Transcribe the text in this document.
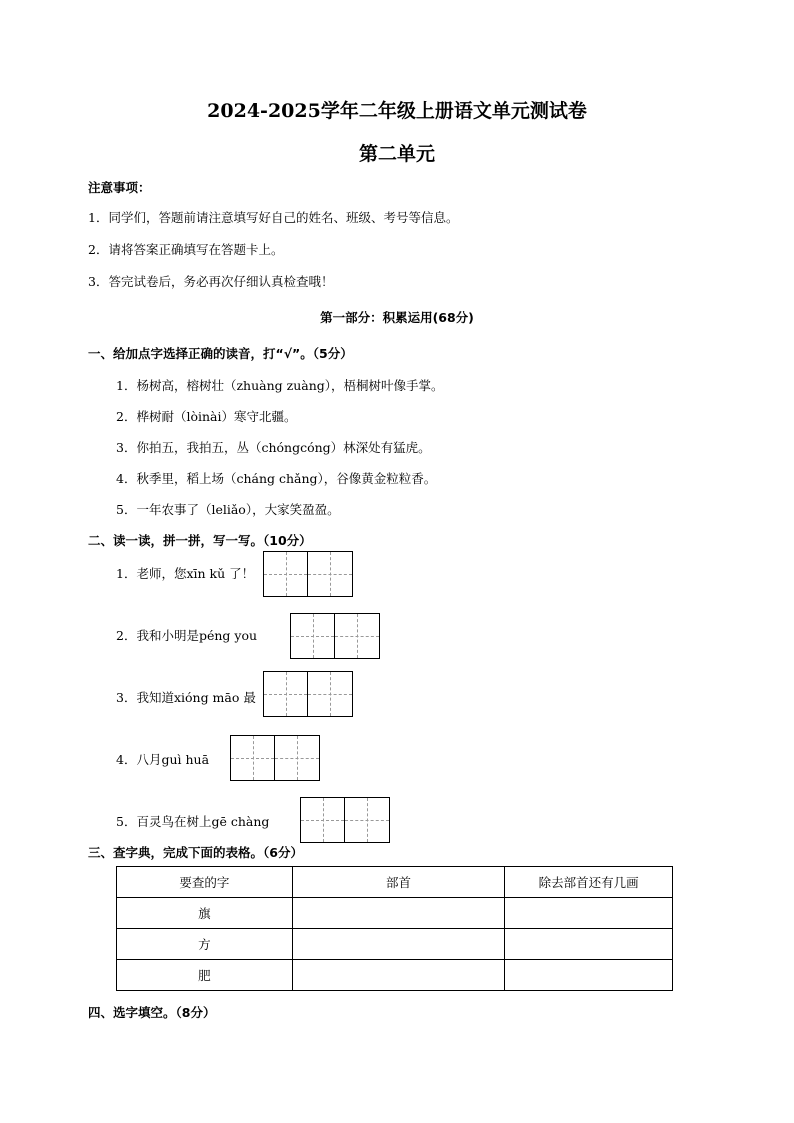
2024-2025学年二年级上册语文单元测试卷
第二单元
注意事项：
1．同学们，答题前请注意填写好自己的姓名、班级、考号等信息。
2．请将答案正确填写在答题卡上。
3．答完试卷后，务必再次仔细认真检查哦！
第一部分：积累运用(68分)
一、给加点字选择正确的读音，打“√”。（5分）
1．杨树高，榕树壮（zhuàng zuàng），梧桐树叶像手掌。
2．桦树耐（lòinài）寒守北疆。
3．你拍五，我拍五，丛（chóngcóng）林深处有猛虎。
4．秋季里，稻上场（cháng chǎng），谷像黄金粒粒香。
5．一年农事了（leliǎo），大家笑盈盈。
二、读一读，拼一拼，写一写。（10分）
1．老师，您xīn kǔ 了！
2．我和小明是péng you
3．我知道xióng māo 最
4．八月guì huā
5．百灵鸟在树上gē chàng
三、查字典，完成下面的表格。（6分）
要查的字	部首	除去部首还有几画
旗		
方		
肥		
四、选字填空。（8分）
